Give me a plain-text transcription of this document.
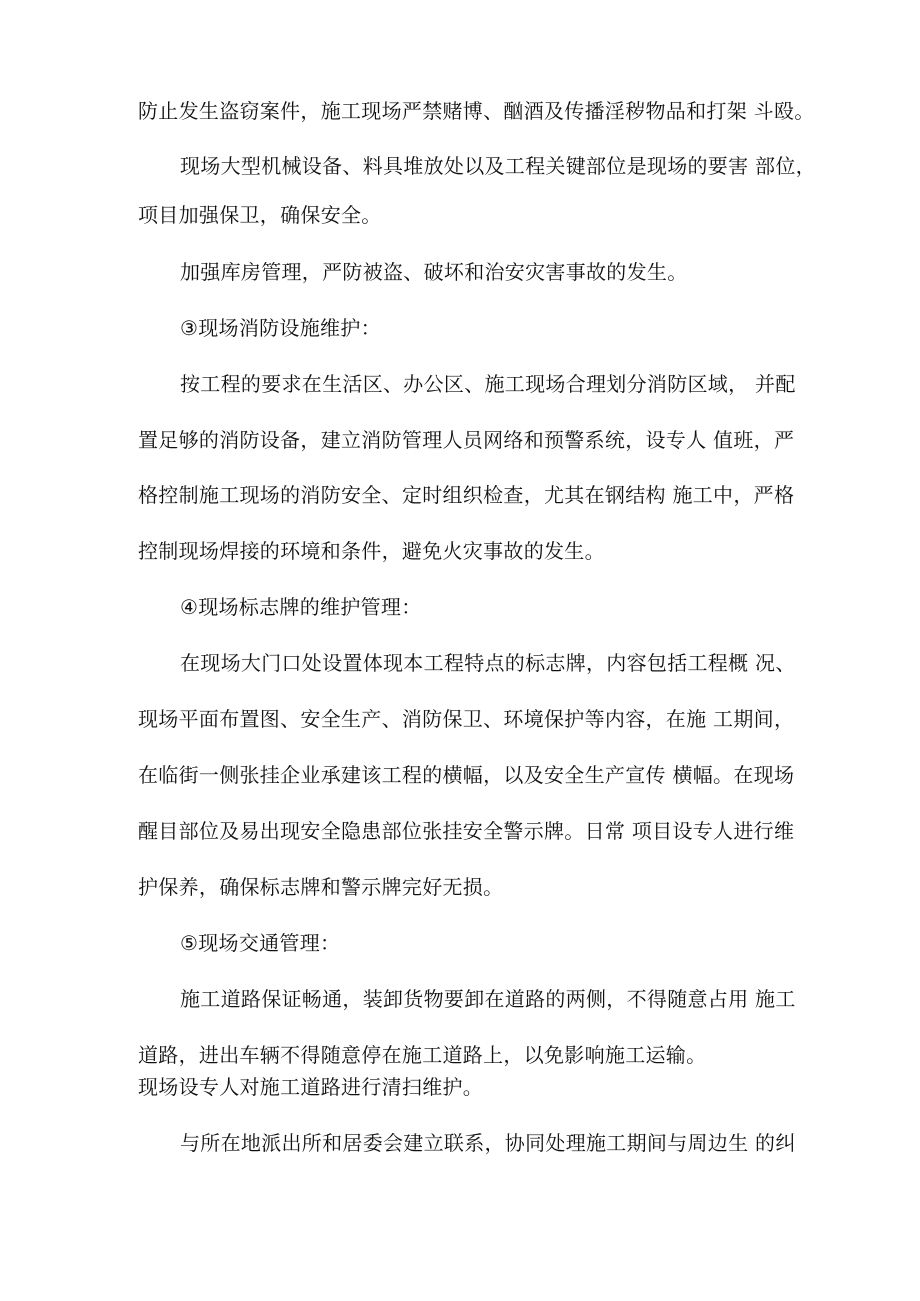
防止发生盗窃案件，施工现场严禁赌博、酗酒及传播淫秽物品和打架 斗殴。
现场大型机械设备、料具堆放处以及工程关键部位是现场的要害 部位，
项目加强保卫，确保安全。
加强库房管理，严防被盗、破坏和治安灾害事故的发生。
③现场消防设施维护：
按工程的要求在生活区、办公区、施工现场合理划分消防区域， 并配
置足够的消防设备，建立消防管理人员网络和预警系统，设专人 值班，严
格控制施工现场的消防安全、定时组织检查，尤其在钢结构 施工中，严格
控制现场焊接的环境和条件，避免火灾事故的发生。
④现场标志牌的维护管理：
在现场大门口处设置体现本工程特点的标志牌，内容包括工程概 况、
现场平面布置图、安全生产、消防保卫、环境保护等内容，在施 工期间，
在临街一侧张挂企业承建该工程的横幅，以及安全生产宣传 横幅。在现场
醒目部位及易出现安全隐患部位张挂安全警示牌。日常 项目设专人进行维
护保养，确保标志牌和警示牌完好无损。
⑤现场交通管理：
施工道路保证畅通，装卸货物要卸在道路的两侧，不得随意占用 施工
道路，进出车辆不得随意停在施工道路上，以免影响施工运输。
现场设专人对施工道路进行清扫维护。
与所在地派出所和居委会建立联系，协同处理施工期间与周边生 的纠
